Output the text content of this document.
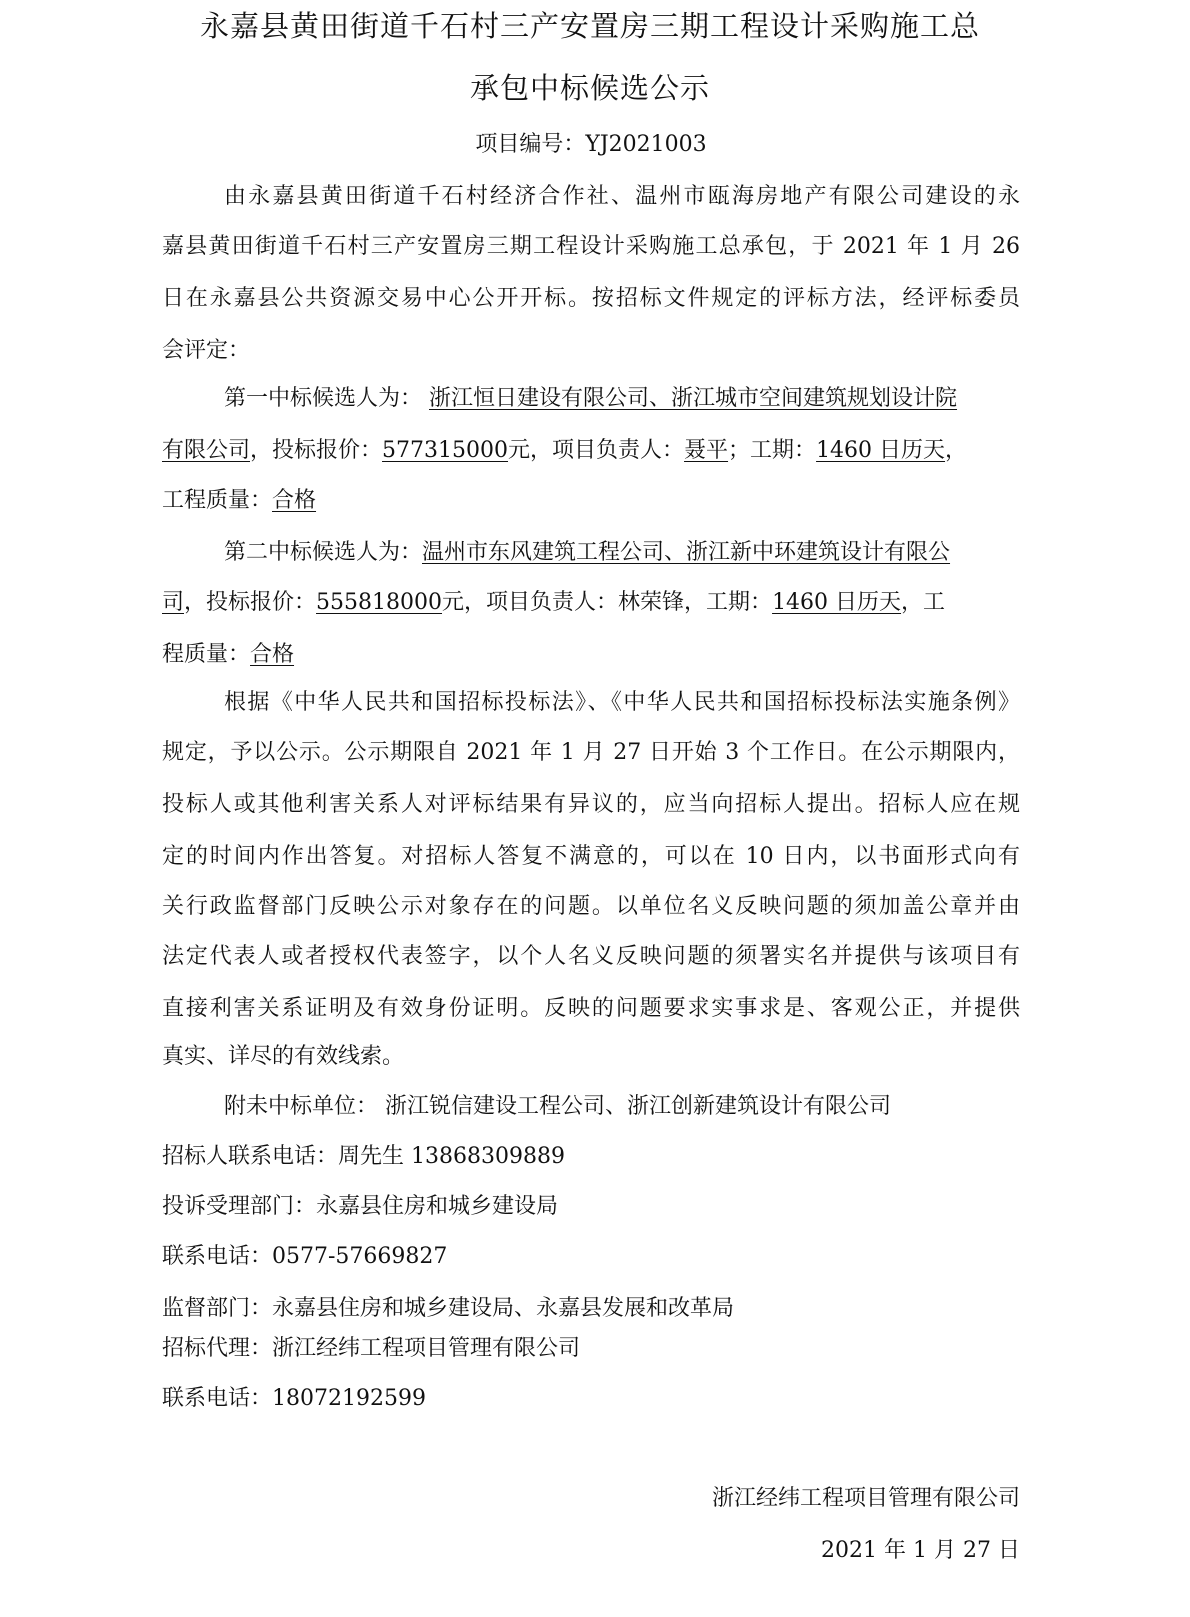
永嘉县黄田街道千石村三产安置房三期工程设计采购施工总
承包中标候选公示
项目编号：YJ2021003
由永嘉县黄田街道千石村经济合作社、温州市瓯海房地产有限公司建设的永
嘉县黄田街道千石村三产安置房三期工程设计采购施工总承包，于 2021 年 1 月 26
日在永嘉县公共资源交易中心公开开标。按招标文件规定的评标方法，经评标委员
会评定：
第一中标候选人为： 浙江恒日建设有限公司、浙江城市空间建筑规划设计院
有限公司，投标报价：577315000元，项目负责人：聂平；工期：1460 日历天，
工程质量：合格
第二中标候选人为：温州市东风建筑工程公司、浙江新中环建筑设计有限公
司，投标报价：555818000元，项目负责人：林荣锋，工期：1460 日历天，工
程质量：合格
根据《中华人民共和国招标投标法》、《中华人民共和国招标投标法实施条例》
规定，予以公示。公示期限自 2021 年 1 月 27 日开始 3 个工作日。在公示期限内，
投标人或其他利害关系人对评标结果有异议的，应当向招标人提出。招标人应在规
定的时间内作出答复。对招标人答复不满意的，可以在 10 日内，以书面形式向有
关行政监督部门反映公示对象存在的问题。以单位名义反映问题的须加盖公章并由
法定代表人或者授权代表签字，以个人名义反映问题的须署实名并提供与该项目有
直接利害关系证明及有效身份证明。反映的问题要求实事求是、客观公正，并提供
真实、详尽的有效线索。
附未中标单位： 浙江锐信建设工程公司、浙江创新建筑设计有限公司
招标人联系电话：周先生 13868309889
投诉受理部门：永嘉县住房和城乡建设局
联系电话：0577-57669827
监督部门：永嘉县住房和城乡建设局、永嘉县发展和改革局
招标代理：浙江经纬工程项目管理有限公司
联系电话：18072192599
浙江经纬工程项目管理有限公司
2021 年 1 月 27 日
